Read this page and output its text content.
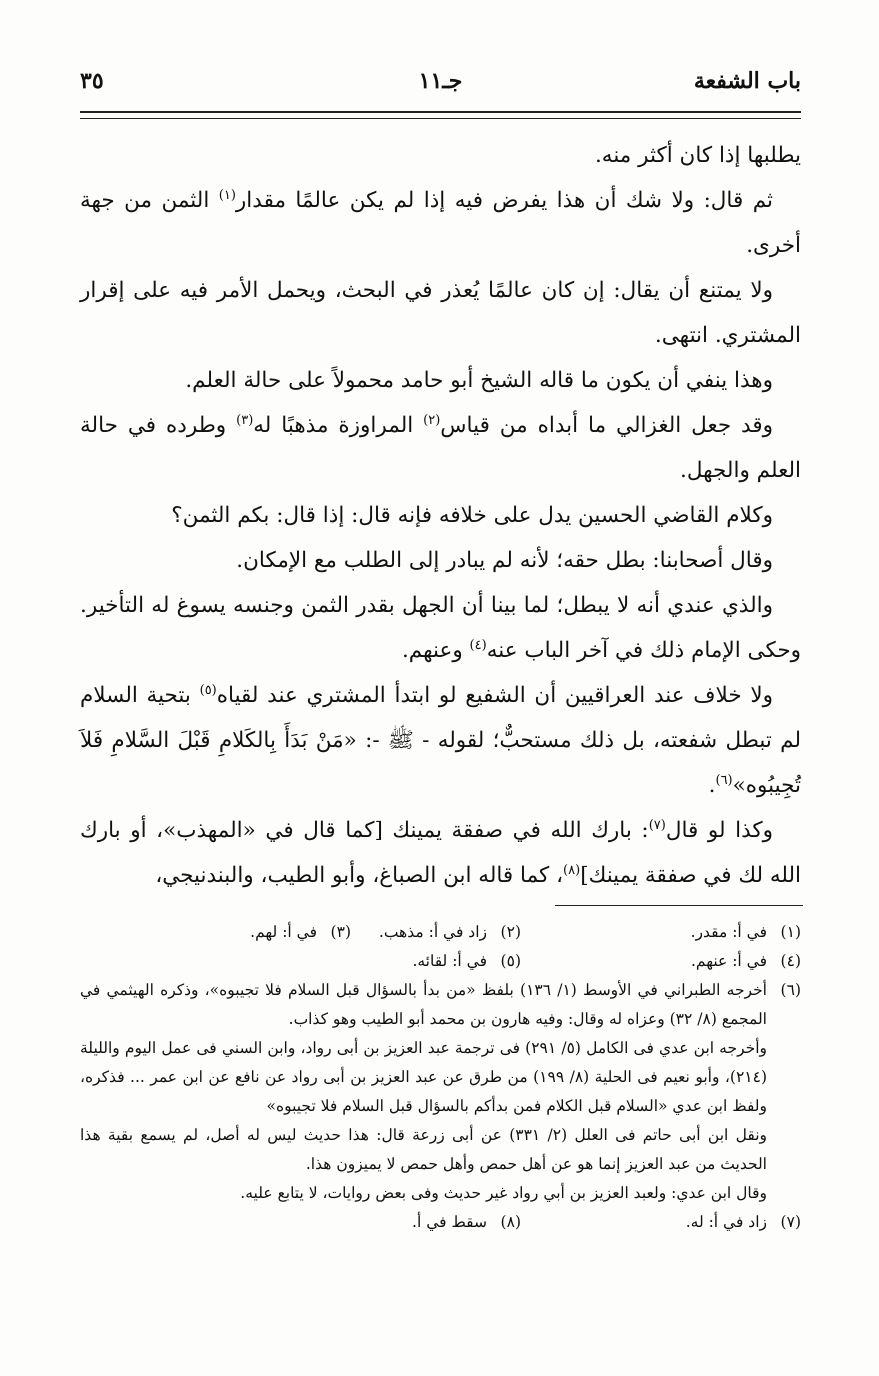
باب الشفعة
جـ١١
٣٥

يطلبها إذا كان أكثر منه.

ثم قال: ولا شك أن هذا يفرض فيه إذا لم يكن عالمًا مقدار$^{(١)}$ الثمن من جهة أخرى.

ولا يمتنع أن يقال: إن كان عالمًا يُعذر في البحث، ويحمل الأمر فيه على إقرار المشتري. انتهى.

وهذا ينفي أن يكون ما قاله الشيخ أبو حامد محمولاً على حالة العلم.

وقد جعل الغزالي ما أبداه من قياس$^{(٢)}$ المراوزة مذهبًا له$^{(٣)}$ وطرده في حالة العلم والجهل.

وكلام القاضي الحسين يدل على خلافه فإنه قال: إذا قال: بكم الثمن؟

وقال أصحابنا: بطل حقه؛ لأنه لم يبادر إلى الطلب مع الإمكان.

والذي عندي أنه لا يبطل؛ لما بينا أن الجهل بقدر الثمن وجنسه يسوغ له التأخير. وحكى الإمام ذلك في آخر الباب عنه$^{(٤)}$ وعنهم.

ولا خلاف عند العراقيين أن الشفيع لو ابتدأ المشتري عند لقياه$^{(٥)}$ بتحية السلام لم تبطل شفعته، بل ذلك مستحبٌّ؛ لقوله - ﷺ -: «مَنْ بَدَأَ بِالكَلامِ قَبْلَ السَّلامِ فَلاَ تُجِيبُوه»$^{(٦)}$.

وكذا لو قال$^{(٧)}$: بارك الله في صفقة يمينك [كما قال في «المهذب»، أو بارك الله لك في صفقة يمينك]$^{(٨)}$، كما قاله ابن الصباغ، وأبو الطيب، والبندنيجي،

(١)في أ: مقدر.
(٢)زاد في أ: مذهب.
(٣)في أ: لهم.
(٤)في أ: عنهم.
(٥)في أ: لقائه.
(٦)
أخرجه الطبراني في الأوسط (١/ ١٣٦) بلفظ «من بدأ بالسؤال قبل السلام فلا تجيبوه»، وذكره الهيثمي في المجمع (٨/ ٣٢) وعزاه له وقال: وفيه هارون بن محمد أبو الطيب وهو كذاب.
وأخرجه ابن عدي فى الكامل (٥/ ٢٩١) فى ترجمة عبد العزيز بن أبى رواد، وابن السني فى عمل اليوم والليلة (٢١٤)، وأبو نعيم فى الحلية (٨/ ١٩٩) من طرق عن عبد العزيز بن أبى رواد عن نافع عن ابن عمر ... فذكره، ولفظ ابن عدي «السلام قبل الكلام فمن بدأكم بالسؤال قبل السلام فلا تجيبوه»
ونقل ابن أبى حاتم فى العلل (٢/ ٣٣١) عن أبى زرعة قال: هذا حديث ليس له أصل، لم يسمع بقية هذا الحديث من عبد العزيز إنما هو عن أهل حمص وأهل حمص لا يميزون هذا.
وقال ابن عدي: ولعبد العزيز بن أبي رواد غير حديث وفى بعض روايات، لا يتابع عليه.
(٧)زاد في أ: له.
(٨)سقط في أ.
